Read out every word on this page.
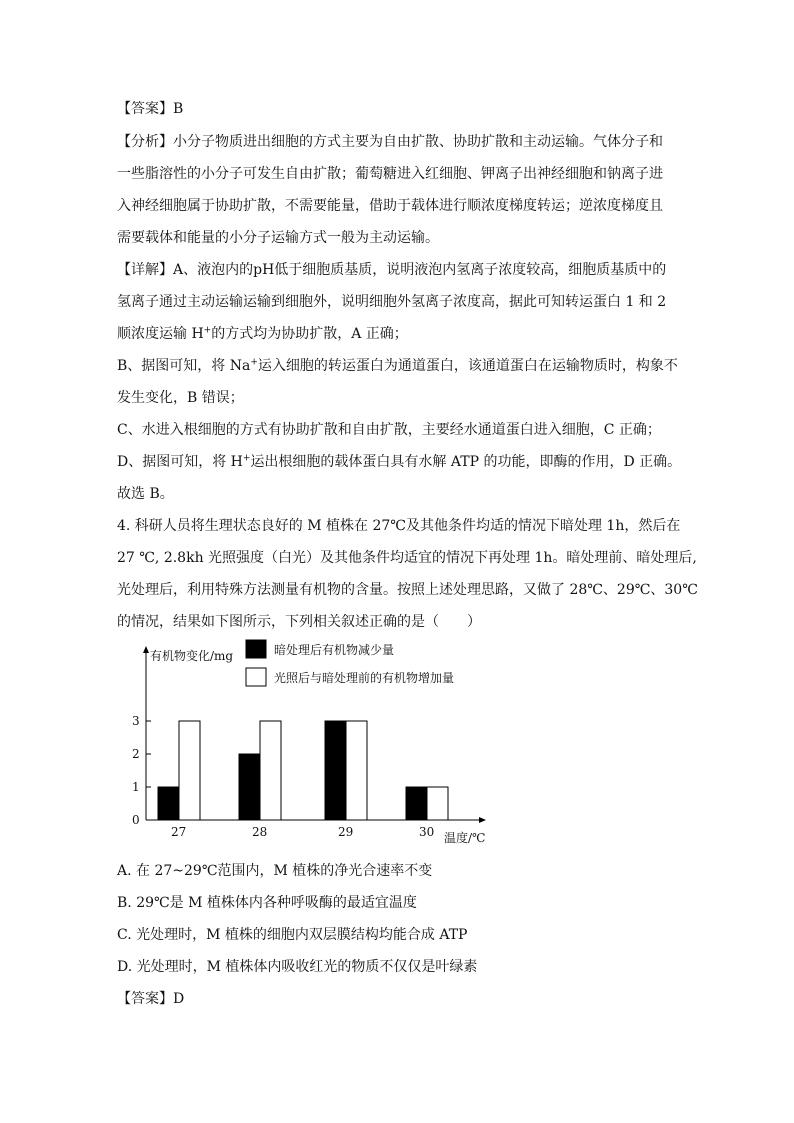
【答案】B
【分析】小分子物质进出细胞的方式主要为自由扩散、协助扩散和主动运输。气体分子和
一些脂溶性的小分子可发生自由扩散；葡萄糖进入红细胞、钾离子出神经细胞和钠离子进
入神经细胞属于协助扩散，不需要能量，借助于载体进行顺浓度梯度转运；逆浓度梯度且
需要载体和能量的小分子运输方式一般为主动运输。
【详解】A、液泡内的pH低于细胞质基质，说明液泡内氢离子浓度较高，细胞质基质中的
氢离子通过主动运输运输到细胞外，说明细胞外氢离子浓度高，据此可知转运蛋白 1 和 2
顺浓度运输 H+的方式均为协助扩散，A 正确；
B、据图可知，将 Na+运入细胞的转运蛋白为通道蛋白，该通道蛋白在运输物质时，构象不
发生变化，B 错误；
C、水进入根细胞的方式有协助扩散和自由扩散，主要经水通道蛋白进入细胞，C 正确；
D、据图可知，将 H+运出根细胞的载体蛋白具有水解 ATP 的功能，即酶的作用，D 正确。
故选 B。
4. 科研人员将生理状态良好的 M 植株在 27℃及其他条件均适的情况下暗处理 1h，然后在
27 ℃, 2.8kh 光照强度（白光）及其他条件均适宜的情况下再处理 1h。暗处理前、暗处理后,
光处理后，利用特殊方法测量有机物的含量。按照上述处理思路，又做了 28℃、29℃、30℃
的情况，结果如下图所示，下列相关叙述正确的是（　　）
有机物变化/mg
温度/℃
暗处理后有机物减少量
光照后与暗处理前的有机物增加量
0
1
2
3
27	28	29	30
A. 在 27~29℃范围内，M 植株的净光合速率不变
B. 29℃是 M 植株体内各种呼吸酶的最适宜温度
C. 光处理时，M 植株的细胞内双层膜结构均能合成 ATP
D. 光处理时，M 植株体内吸收红光的物质不仅仅是叶绿素
【答案】D
